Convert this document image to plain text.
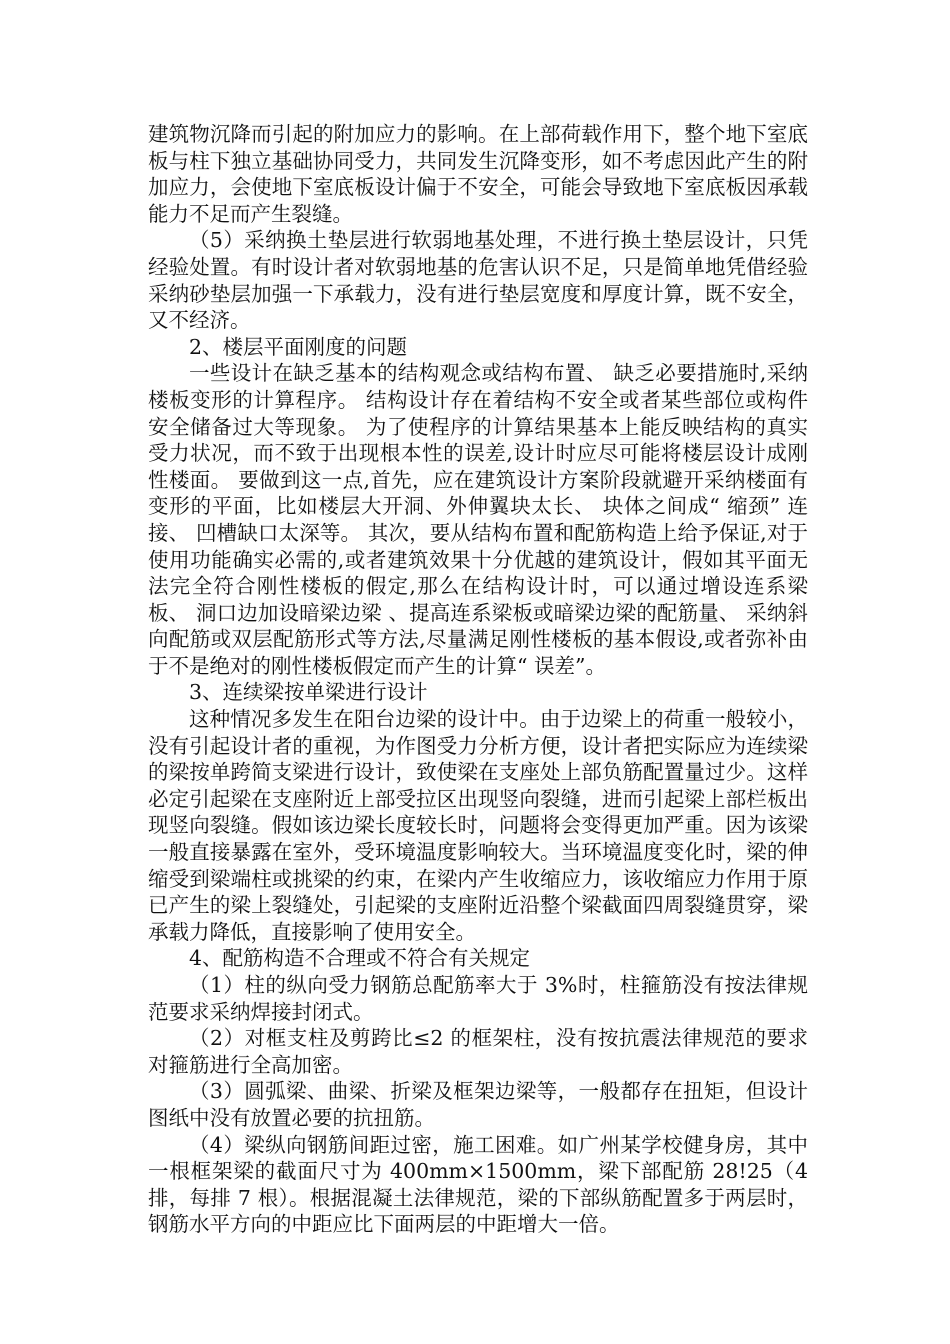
建筑物沉降而引起的附加应力的影响。在上部荷载作用下，整个地下室底板与柱下独立基础协同受力，共同发生沉降变形，如不考虑因此产生的附加应力，会使地下室底板设计偏于不安全，可能会导致地下室底板因承载能力不足而产生裂缝。

（5）采纳换土垫层进行软弱地基处理，不进行换土垫层设计，只凭经验处置。有时设计者对软弱地基的危害认识不足，只是简单地凭借经验采纳砂垫层加强一下承载力，没有进行垫层宽度和厚度计算，既不安全，又不经济。

2、楼层平面刚度的问题

一些设计在缺乏基本的结构观念或结构布置、 缺乏必要措施时,采纳楼板变形的计算程序。 结构设计存在着结构不安全或者某些部位或构件安全储备过大等现象。 为了使程序的计算结果基本上能反映结构的真实受力状况，而不致于出现根本性的误差,设计时应尽可能将楼层设计成刚性楼面。 要做到这一点,首先，应在建筑设计方案阶段就避开采纳楼面有变形的平面，比如楼层大开洞、外伸翼块太长、 块体之间成“ 缩颈” 连接、 凹槽缺口太深等。 其次，要从结构布置和配筋构造上给予保证,对于使用功能确实必需的,或者建筑效果十分优越的建筑设计，假如其平面无法完全符合刚性楼板的假定,那么在结构设计时，可以通过增设连系梁板、 洞口边加设暗梁边梁 、提高连系梁板或暗梁边梁的配筋量、 采纳斜向配筋或双层配筋形式等方法,尽量满足刚性楼板的基本假设,或者弥补由于不是绝对的刚性楼板假定而产生的计算“ 误差”。

3、连续梁按单梁进行设计

这种情况多发生在阳台边梁的设计中。由于边梁上的荷重一般较小，没有引起设计者的重视，为作图受力分析方便，设计者把实际应为连续梁的梁按单跨简支梁进行设计，致使梁在支座处上部负筋配置量过少。这样必定引起梁在支座附近上部受拉区出现竖向裂缝，进而引起梁上部栏板出现竖向裂缝。假如该边梁长度较长时，问题将会变得更加严重。因为该梁一般直接暴露在室外，受环境温度影响较大。当环境温度变化时，梁的伸缩受到梁端柱或挑梁的约束，在梁内产生收缩应力，该收缩应力作用于原已产生的梁上裂缝处，引起梁的支座附近沿整个梁截面四周裂缝贯穿，梁承载力降低，直接影响了使用安全。

4、配筋构造不合理或不符合有关规定

（1）柱的纵向受力钢筋总配筋率大于 3%时，柱箍筋没有按法律规范要求采纳焊接封闭式。

（2）对框支柱及剪跨比≤2 的框架柱，没有按抗震法律规范的要求对箍筋进行全高加密。

（3）圆弧梁、曲梁、折梁及框架边梁等，一般都存在扭矩，但设计图纸中没有放置必要的抗扭筋。

（4）梁纵向钢筋间距过密，施工困难。如广州某学校健身房，其中一根框架梁的截面尺寸为 400mm×1500mm，梁下部配筋 28!25（4 排，每排 7 根）。根据混凝土法律规范，梁的下部纵筋配置多于两层时，钢筋水平方向的中距应比下面两层的中距增大一倍。
